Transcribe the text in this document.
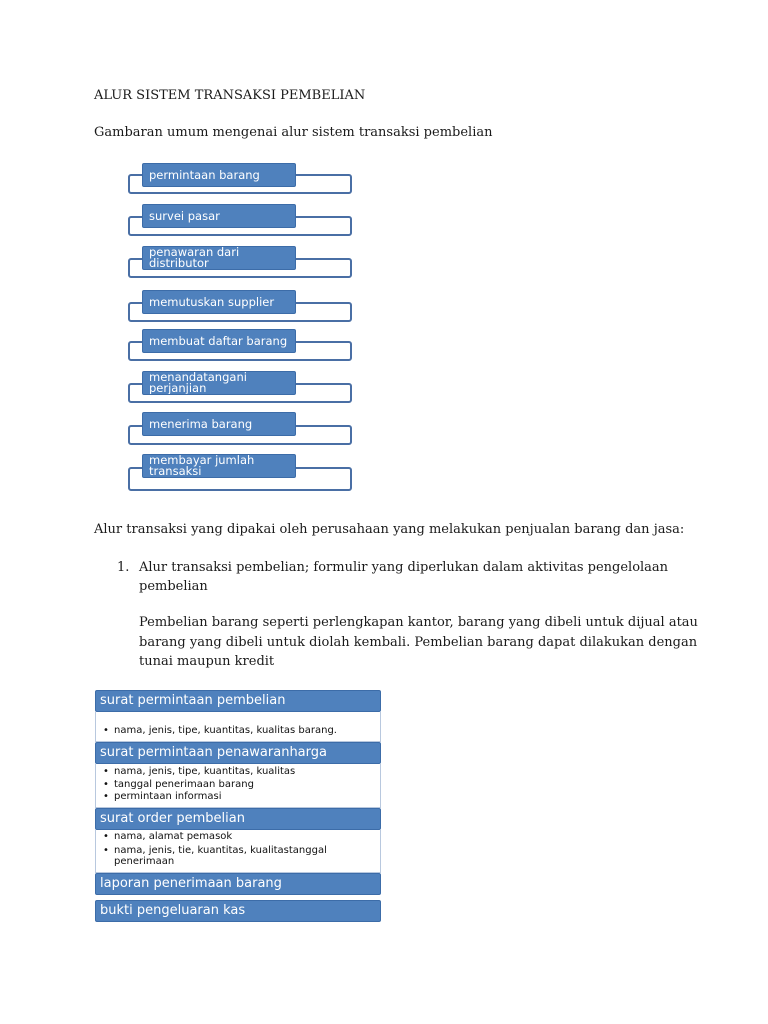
ALUR SISTEM TRANSAKSI PEMBELIAN
Gambaran umum mengenai alur sistem transaksi pembelian
permintaan barang
survei pasar
penawaran dari
distributor
memutuskan supplier
membuat daftar barang
menandatangani
perjanjian
menerima barang
membayar jumlah
transaksi
Alur transaksi yang dipakai oleh perusahaan yang melakukan penjualan barang dan jasa:
1. Alur transaksi pembelian; formulir yang diperlukan dalam aktivitas pengelolaan
pembelian
Pembelian barang seperti perlengkapan kantor, barang yang dibeli untuk dijual atau
barang yang dibeli untuk diolah kembali. Pembelian barang dapat dilakukan dengan
tunai maupun kredit
surat permintaan pembelian
• nama, jenis, tipe, kuantitas, kualitas barang.
surat permintaan penawaranharga
• nama, jenis, tipe, kuantitas, kualitas
• tanggal penerimaan barang
• permintaan informasi
surat order pembelian
• nama, alamat pemasok
• nama, jenis, tie, kuantitas, kualitastanggal
penerimaan
laporan penerimaan barang
bukti pengeluaran kas
